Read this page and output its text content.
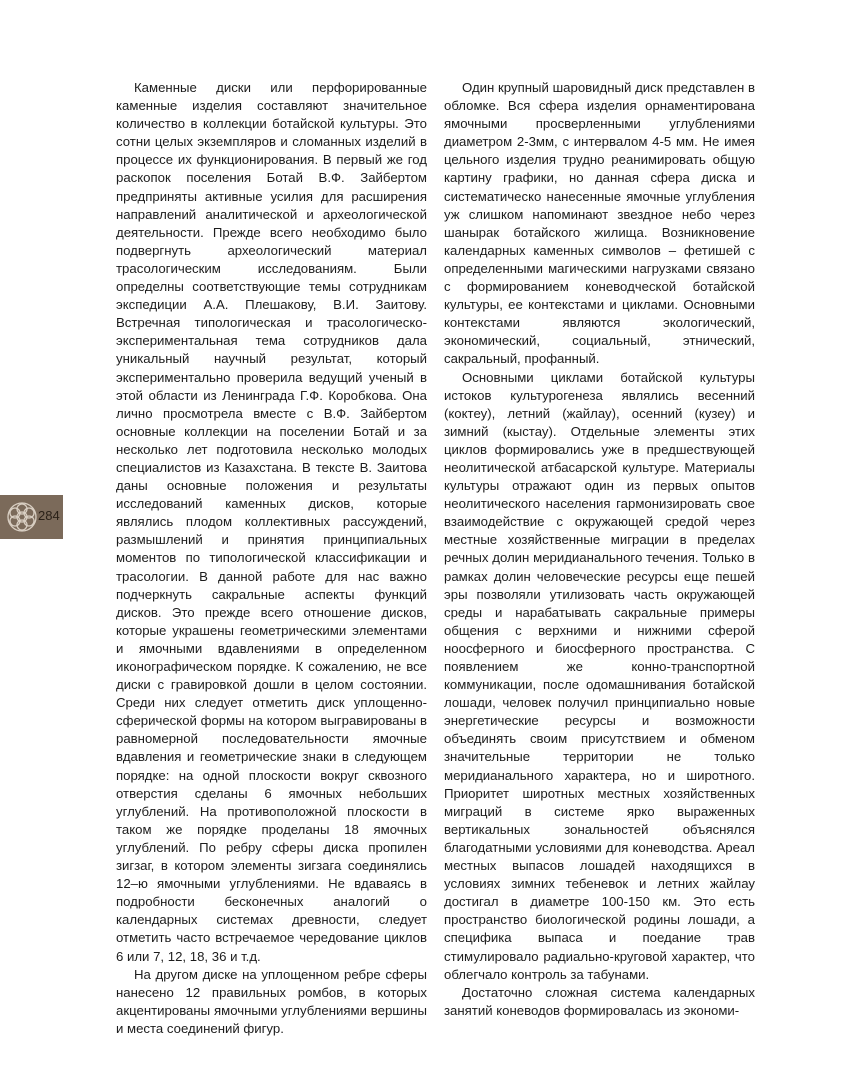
284

Каменные диски или перфорированные каменные изделия составляют значительное количество в коллекции ботайской культуры. Это сотни целых экземпляров и сломанных изделий в процессе их функционирования. В первый же год раскопок поселения Ботай В.Ф. Зайбертом предприняты активные усилия для расширения направлений аналитической и археологической деятельности. Прежде всего необходимо было подвергнуть археологический материал трасологическим исследованиям. Были определны соответствующие темы сотрудникам экспедиции А.А. Плешакову, В.И. Заитову. Встречная типологическая и трасологическо-экспериментальная тема сотрудников дала уникальный научный результат, который экспериментально проверила ведущий ученый в этой области из Ленинграда Г.Ф. Коробкова. Она лично просмотрела вместе с В.Ф. Зайбертом основные коллекции на поселении Ботай и за несколько лет подготовила несколько молодых специалистов из Казахстана. В тексте В. Заитова даны основные положения и результаты исследований каменных дисков, которые являлись плодом коллективных рассуждений, размышлений и принятия принципиальных моментов по типологической классификации и трасологии. В данной работе для нас важно подчеркнуть сакральные аспекты функций дисков. Это прежде всего отношение дисков, которые украшены геометрическими элементами и ямочными вдавлениями в определенном иконографическом порядке. К сожалению, не все диски с гравировкой дошли в целом состоянии. Среди них следует отметить диск уплощенно-сферической формы на котором выгравированы в равномерной последовательности ямочные вдавления и геометрические знаки в следующем порядке: на одной плоскости вокруг сквозного отверстия сделаны 6 ямочных небольших углублений. На противоположной плоскости в таком же порядке проделаны 18 ямочных углублений. По ребру сферы диска пропилен зигзаг, в котором элементы зигзага соединялись 12–ю ямочными углублениями. Не вдаваясь в подробности бесконечных аналогий о календарных системах древности, следует отметить часто встречаемое чередование циклов 6 или 7, 12, 18, 36 и т.д.

На другом диске на уплощенном ребре сферы нанесено 12 правильных ромбов, в которых акцентированы ямочными углублениями вершины и места соединений фигур.

Один крупный шаровидный диск представлен в обломке. Вся сфера изделия орнаментирована ямочными просверленными углублениями диаметром 2-3мм, с интервалом 4-5 мм. Не имея цельного изделия трудно реанимировать общую картину графики, но данная сфера диска и систематическо нанесенные ямочные углубления уж слишком напоминают звездное небо через шанырак ботайского жилища. Возникновение календарных каменных символов – фетишей с определенными магическими нагрузками связано с формированием коневодческой ботайской культуры, ее контекстами и циклами. Основными контекстами являются экологический, экономический, социальный, этнический, сакральный, профанный.

Основными циклами ботайской культуры истоков культурогенеза являлись весенний (коктеу), летний (жайлау), осенний (кузеу) и зимний (кыстау). Отдельные элементы этих циклов формировались уже в предшествующей неолитической атбасарской культуре. Материалы культуры отражают один из первых опытов неолитического населения гармонизировать свое взаимодействие с окружающей средой через местные хозяйственные миграции в пределах речных долин меридианального течения. Только в рамках долин человеческие ресурсы еще пешей эры позволяли утилизовать часть окружающей среды и нарабатывать сакральные примеры общения с верхними и нижними сферой ноосферного и биосферного пространства. С появлением же конно-транспортной коммуникации, после одомашнивания ботайской лошади, человек получил принципиально новые энергетические ресурсы и возможности объединять своим присутствием и обменом значительные территории не только меридианального характера, но и широтного. Приоритет широтных местных хозяйственных миграций в системе ярко выраженных вертикальных зональностей объяснялся благодатными условиями для коневодства. Ареал местных выпасов лошадей находящихся в условиях зимних тебеневок и летних жайлау достигал в диаметре 100-150 км. Это есть пространство биологической родины лошади, а специфика выпаса и поедание трав стимулировало радиально-круговой характер, что облегчало контроль за табунами.

Достаточно сложная система календарных занятий коневодов формировалась из экономи-
